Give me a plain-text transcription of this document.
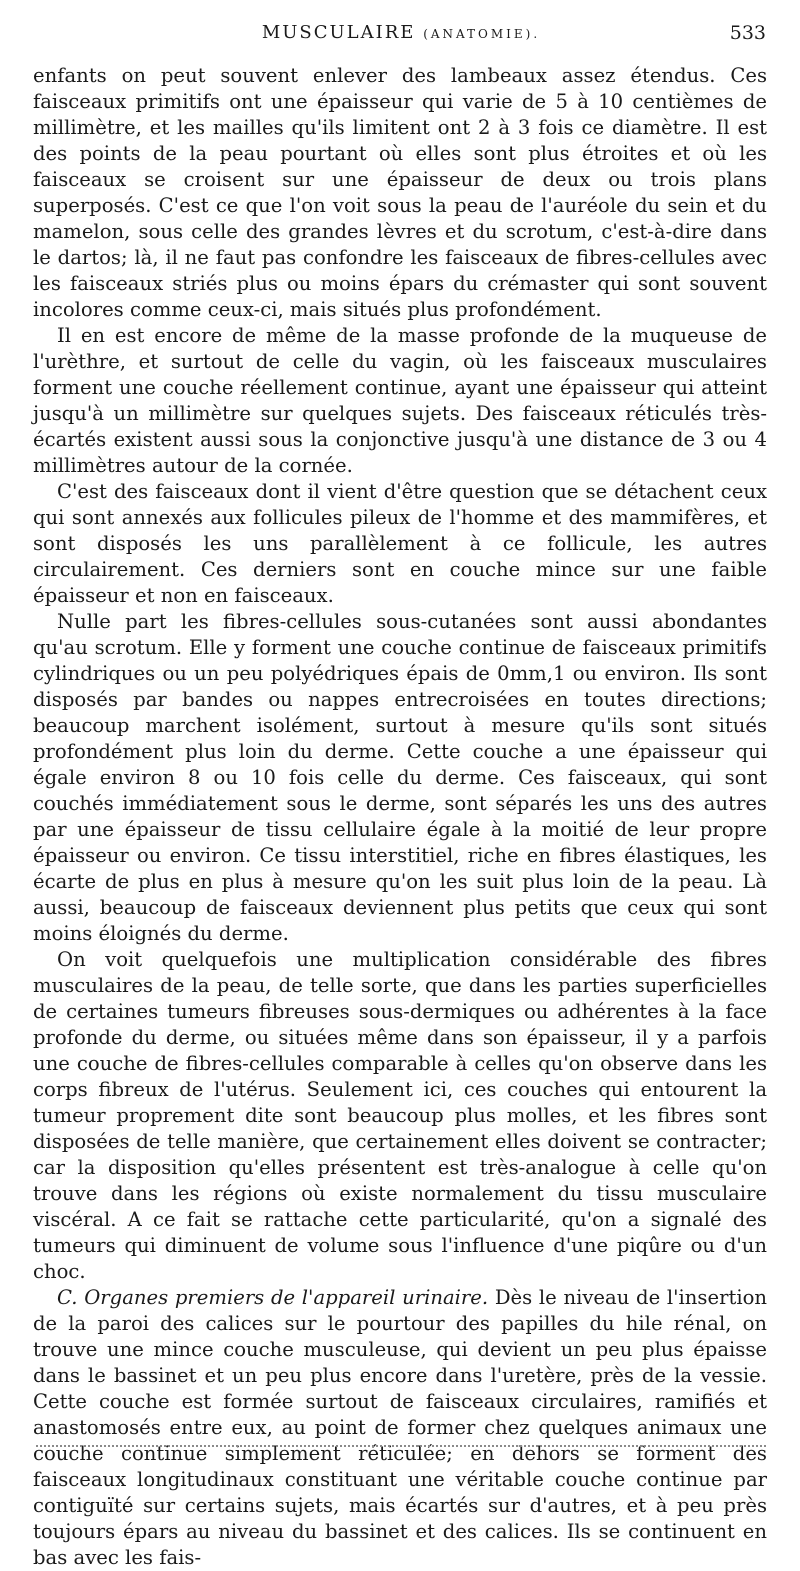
MUSCULAIRE (ANATOMIE).	533

enfants on peut souvent enlever des lambeaux assez étendus. Ces faisceaux primitifs ont une épaisseur qui varie de 5 à 10 centièmes de millimètre, et les mailles qu'ils limitent ont 2 à 3 fois ce diamètre. Il est des points de la peau pourtant où elles sont plus étroites et où les faisceaux se croisent sur une épaisseur de deux ou trois plans superposés. C'est ce que l'on voit sous la peau de l'auréole du sein et du mamelon, sous celle des grandes lèvres et du scrotum, c'est-à-dire dans le dartos; là, il ne faut pas confondre les faisceaux de fibres-cellules avec les faisceaux striés plus ou moins épars du crémaster qui sont souvent incolores comme ceux-ci, mais situés plus profondément.

Il en est encore de même de la masse profonde de la muqueuse de l'urèthre, et surtout de celle du vagin, où les faisceaux musculaires forment une couche réellement continue, ayant une épaisseur qui atteint jusqu'à un millimètre sur quelques sujets. Des faisceaux réticulés très-écartés existent aussi sous la conjonctive jusqu'à une distance de 3 ou 4 millimètres autour de la cornée.

C'est des faisceaux dont il vient d'être question que se détachent ceux qui sont annexés aux follicules pileux de l'homme et des mammifères, et sont disposés les uns parallèlement à ce follicule, les autres circulairement. Ces derniers sont en couche mince sur une faible épaisseur et non en faisceaux.

Nulle part les fibres-cellules sous-cutanées sont aussi abondantes qu'au scrotum. Elle y forment une couche continue de faisceaux primitifs cylindriques ou un peu polyédriques épais de 0mm,1 ou environ. Ils sont disposés par bandes ou nappes entrecroisées en toutes directions; beaucoup marchent isolément, surtout à mesure qu'ils sont situés profondément plus loin du derme. Cette couche a une épaisseur qui égale environ 8 ou 10 fois celle du derme. Ces faisceaux, qui sont couchés immédiatement sous le derme, sont séparés les uns des autres par une épaisseur de tissu cellulaire égale à la moitié de leur propre épaisseur ou environ. Ce tissu interstitiel, riche en fibres élastiques, les écarte de plus en plus à mesure qu'on les suit plus loin de la peau. Là aussi, beaucoup de faisceaux deviennent plus petits que ceux qui sont moins éloignés du derme.

On voit quelquefois une multiplication considérable des fibres musculaires de la peau, de telle sorte, que dans les parties superficielles de certaines tumeurs fibreuses sous-dermiques ou adhérentes à la face profonde du derme, ou situées même dans son épaisseur, il y a parfois une couche de fibres-cellules comparable à celles qu'on observe dans les corps fibreux de l'utérus. Seulement ici, ces couches qui entourent la tumeur proprement dite sont beaucoup plus molles, et les fibres sont disposées de telle manière, que certainement elles doivent se contracter; car la disposition qu'elles présentent est très-analogue à celle qu'on trouve dans les régions où existe normalement du tissu musculaire viscéral. A ce fait se rattache cette particularité, qu'on a signalé des tumeurs qui diminuent de volume sous l'influence d'une piqûre ou d'un choc.

C. Organes premiers de l'appareil urinaire. Dès le niveau de l'insertion de la paroi des calices sur le pourtour des papilles du hile rénal, on trouve une mince couche musculeuse, qui devient un peu plus épaisse dans le bassinet et un peu plus encore dans l'uretère, près de la vessie. Cette couche est formée surtout de faisceaux circulaires, ramifiés et anastomosés entre eux, au point de former chez quelques animaux une couche continue simplement réticulée; en dehors se forment des faisceaux longitudinaux constituant une véritable couche continue par contiguïté sur certains sujets, mais écartés sur d'autres, et à peu près toujours épars au niveau du bassinet et des calices. Ils se continuent en bas avec les fais-
